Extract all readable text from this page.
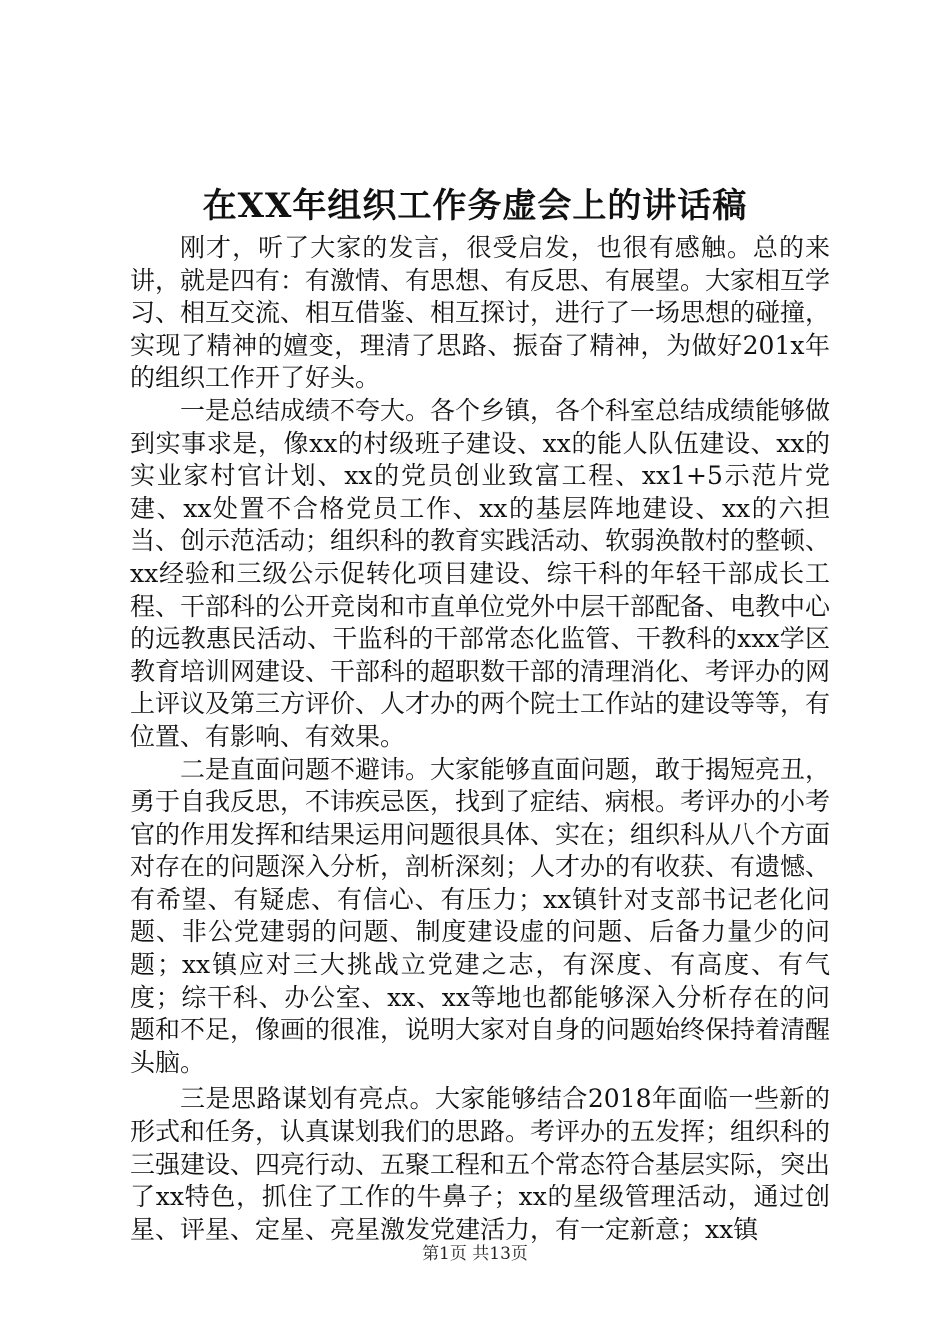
在XX年组织工作务虚会上的讲话稿

刚才，听了大家的发言，很受启发，也很有感触。总的来讲，就是四有：有激情、有思想、有反思、有展望。大家相互学习、相互交流、相互借鉴、相互探讨，进行了一场思想的碰撞，实现了精神的嬗变，理清了思路、振奋了精神，为做好201x年的组织工作开了好头。

一是总结成绩不夸大。各个乡镇，各个科室总结成绩能够做到实事求是，像xx的村级班子建设、xx的能人队伍建设、xx的实业家村官计划、xx的党员创业致富工程、xx1+5示范片党建、xx处置不合格党员工作、xx的基层阵地建设、xx的六担当、创示范活动；组织科的教育实践活动、软弱涣散村的整顿、xx经验和三级公示促转化项目建设、综干科的年轻干部成长工程、干部科的公开竞岗和市直单位党外中层干部配备、电教中心的远教惠民活动、干监科的干部常态化监管、干教科的xxx学区教育培训网建设、干部科的超职数干部的清理消化、考评办的网上评议及第三方评价、人才办的两个院士工作站的建设等等，有位置、有影响、有效果。

二是直面问题不避讳。大家能够直面问题，敢于揭短亮丑，勇于自我反思，不讳疾忌医，找到了症结、病根。考评办的小考官的作用发挥和结果运用问题很具体、实在；组织科从八个方面对存在的问题深入分析，剖析深刻；人才办的有收获、有遗憾、有希望、有疑虑、有信心、有压力；xx镇针对支部书记老化问题、非公党建弱的问题、制度建设虚的问题、后备力量少的问题；xx镇应对三大挑战立党建之志，有深度、有高度、有气度；综干科、办公室、xx、xx等地也都能够深入分析存在的问题和不足，像画的很准，说明大家对自身的问题始终保持着清醒头脑。

三是思路谋划有亮点。大家能够结合2018年面临一些新的形式和任务，认真谋划我们的思路。考评办的五发挥；组织科的三强建设、四亮行动、五聚工程和五个常态符合基层实际，突出了xx特色，抓住了工作的牛鼻子；xx的星级管理活动，通过创星、评星、定星、亮星激发党建活力，有一定新意；xx镇

第1页 共13页
